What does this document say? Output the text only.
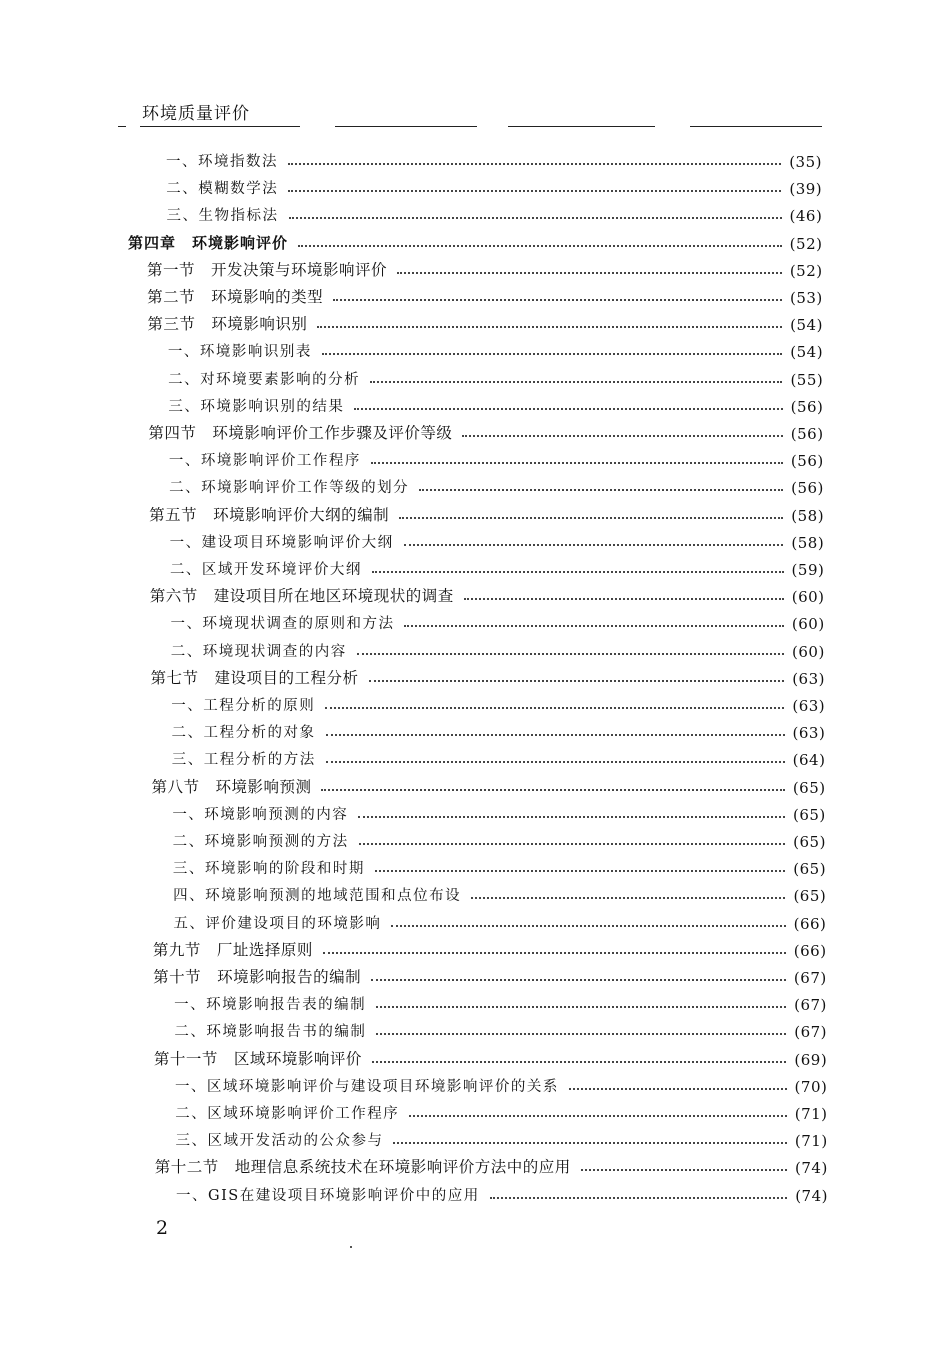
环境质量评价
一、环境指数法	(35)
二、模糊数学法	(39)
三、生物指标法	(46)
第四章　环境影响评价	(52)
第一节　开发决策与环境影响评价	(52)
第二节　环境影响的类型	(53)
第三节　环境影响识别	(54)
一、环境影响识别表	(54)
二、对环境要素影响的分析	(55)
三、环境影响识别的结果	(56)
第四节　环境影响评价工作步骤及评价等级	(56)
一、环境影响评价工作程序	(56)
二、环境影响评价工作等级的划分	(56)
第五节　环境影响评价大纲的编制	(58)
一、建设项目环境影响评价大纲	(58)
二、区域开发环境评价大纲	(59)
第六节　建设项目所在地区环境现状的调查	(60)
一、环境现状调查的原则和方法	(60)
二、环境现状调查的内容	(60)
第七节　建设项目的工程分析	(63)
一、工程分析的原则	(63)
二、工程分析的对象	(63)
三、工程分析的方法	(64)
第八节　环境影响预测	(65)
一、环境影响预测的内容	(65)
二、环境影响预测的方法	(65)
三、环境影响的阶段和时期	(65)
四、环境影响预测的地域范围和点位布设	(65)
五、评价建设项目的环境影响	(66)
第九节　厂址选择原则	(66)
第十节　环境影响报告的编制	(67)
一、环境影响报告表的编制	(67)
二、环境影响报告书的编制	(67)
第十一节　区域环境影响评价	(69)
一、区域环境影响评价与建设项目环境影响评价的关系	(70)
二、区域环境影响评价工作程序	(71)
三、区域开发活动的公众参与	(71)
第十二节　地理信息系统技术在环境影响评价方法中的应用	(74)
一、GIS在建设项目环境影响评价中的应用	(74)
2
